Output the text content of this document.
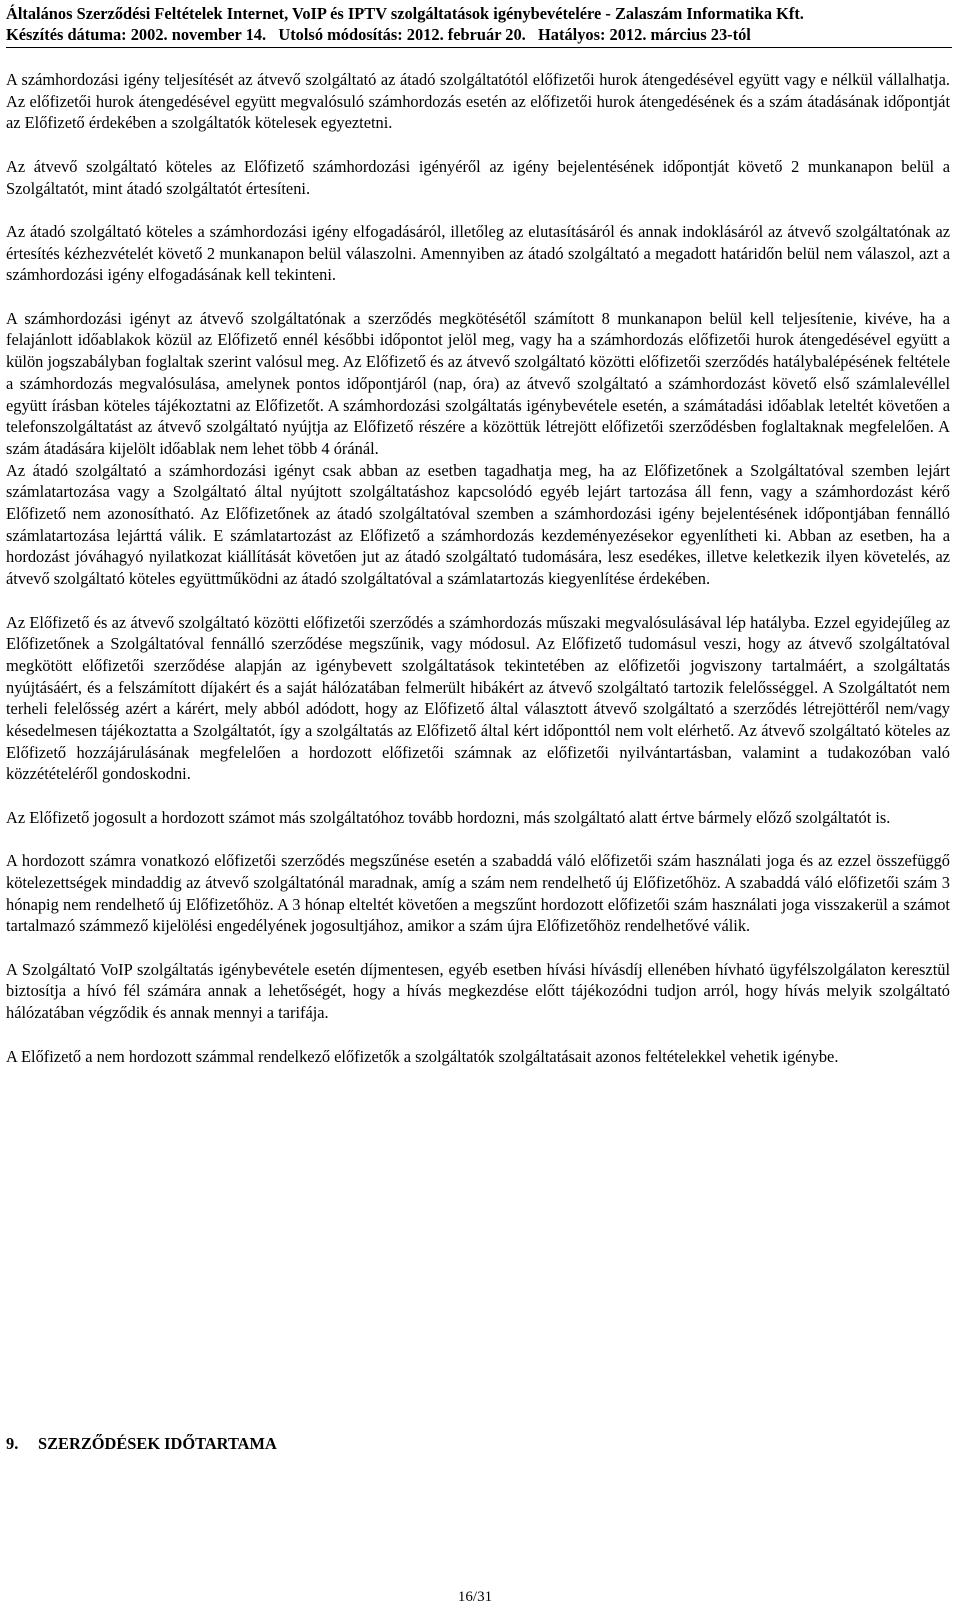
Általános Szerződési Feltételek Internet, VoIP és IPTV szolgáltatások igénybevételére - Zalaszám Informatika Kft.
Készítés dátuma: 2002. november 14.   Utolsó módosítás: 2012. február 20.   Hatályos: 2012. március 23-tól

A számhordozási igény teljesítését az átvevő szolgáltató az átadó szolgáltatótól előfizetői hurok átengedésével együtt vagy e nélkül vállalhatja. Az előfizetői hurok átengedésével együtt megvalósuló számhordozás esetén az előfizetői hurok átengedésének és a szám átadásának időpontját az Előfizető érdekében a szolgáltatók kötelesek egyeztetni.

Az átvevő szolgáltató köteles az Előfizető számhordozási igényéről az igény bejelentésének időpontját követő 2 munkanapon belül a Szolgáltatót, mint átadó szolgáltatót értesíteni.

Az átadó szolgáltató köteles a számhordozási igény elfogadásáról, illetőleg az elutasításáról és annak indoklásáról az átvevő szolgáltatónak az értesítés kézhezvételét követő 2 munkanapon belül válaszolni. Amennyiben az átadó szolgáltató a megadott határidőn belül nem válaszol, azt a számhordozási igény elfogadásának kell tekinteni.

A számhordozási igényt az átvevő szolgáltatónak a szerződés megkötésétől számított 8 munkanapon belül kell teljesítenie, kivéve, ha a felajánlott időablakok közül az Előfizető ennél későbbi időpontot jelöl meg, vagy ha a számhordozás előfizetői hurok átengedésével együtt a külön jogszabályban foglaltak szerint valósul meg. Az Előfizető és az átvevő szolgáltató közötti előfizetői szerződés hatálybalépésének feltétele a számhordozás megvalósulása, amelynek pontos időpontjáról (nap, óra) az átvevő szolgáltató a számhordozást követő első számlalevéllel együtt írásban köteles tájékoztatni az Előfizetőt. A számhordozási szolgáltatás igénybevétele esetén, a számátadási időablak leteltét követően a telefonszolgáltatást az átvevő szolgáltató nyújtja az Előfizető részére a közöttük létrejött előfizetői szerződésben foglaltaknak megfelelően. A szám átadására kijelölt időablak nem lehet több 4 óránál.

Az átadó szolgáltató a számhordozási igényt csak abban az esetben tagadhatja meg, ha az Előfizetőnek a Szolgáltatóval szemben lejárt számlatartozása vagy a Szolgáltató által nyújtott szolgáltatáshoz kapcsolódó egyéb lejárt tartozása áll fenn, vagy a számhordozást kérő Előfizető nem azonosítható. Az Előfizetőnek az átadó szolgáltatóval szemben a számhordozási igény bejelentésének időpontjában fennálló számlatartozása lejárttá válik. E számlatartozást az Előfizető a számhordozás kezdeményezésekor egyenlítheti ki. Abban az esetben, ha a hordozást jóváhagyó nyilatkozat kiállítását követően jut az átadó szolgáltató tudomására, lesz esedékes, illetve keletkezik ilyen követelés, az átvevő szolgáltató köteles együttműködni az átadó szolgáltatóval a számlatartozás kiegyenlítése érdekében.

Az Előfizető és az átvevő szolgáltató közötti előfizetői szerződés a számhordozás műszaki megvalósulásával lép hatályba. Ezzel egyidejűleg az Előfizetőnek a Szolgáltatóval fennálló szerződése megszűnik, vagy módosul. Az Előfizető tudomásul veszi, hogy az átvevő szolgáltatóval megkötött előfizetői szerződése alapján az igénybevett szolgáltatások tekintetében az előfizetői jogviszony tartalmáért, a szolgáltatás nyújtásáért, és a felszámított díjakért és a saját hálózatában felmerült hibákért az átvevő szolgáltató tartozik felelősséggel. A Szolgáltatót nem terheli felelősség azért a kárért, mely abból adódott, hogy az Előfizető által választott átvevő szolgáltató a szerződés létrejöttéről nem/vagy késedelmesen tájékoztatta a Szolgáltatót, így a szolgáltatás az Előfizető által kért időponttól nem volt elérhető. Az átvevő szolgáltató köteles az Előfizető hozzájárulásának megfelelően a hordozott előfizetői számnak az előfizetői nyilvántartásban, valamint a tudakozóban való közzétételéről gondoskodni.

Az Előfizető jogosult a hordozott számot más szolgáltatóhoz tovább hordozni, más szolgáltató alatt értve bármely előző szolgáltatót is.

A hordozott számra vonatkozó előfizetői szerződés megszűnése esetén a szabaddá váló előfizetői szám használati joga és az ezzel összefüggő kötelezettségek mindaddig az átvevő szolgáltatónál maradnak, amíg a szám nem rendelhető új Előfizetőhöz. A szabaddá váló előfizetői szám 3 hónapig nem rendelhető új Előfizetőhöz. A 3 hónap elteltét követően a megszűnt hordozott előfizetői szám használati joga visszakerül a számot tartalmazó számmező kijelölési engedélyének jogosultjához, amikor a szám újra Előfizetőhöz rendelhetővé válik.

A Szolgáltató VoIP szolgáltatás igénybevétele esetén díjmentesen, egyéb esetben hívási hívásdíj ellenében hívható ügyfélszolgálaton keresztül biztosítja a hívó fél számára annak a lehetőségét, hogy a hívás megkezdése előtt tájékozódni tudjon arról, hogy hívás melyik szolgáltató hálózatában végződik és annak mennyi a tarifája.

A Előfizető a nem hordozott számmal rendelkező előfizetők a szolgáltatók szolgáltatásait azonos feltételekkel vehetik igénybe.

9. SZERZŐDÉSEK IDŐTARTAMA
16/31
